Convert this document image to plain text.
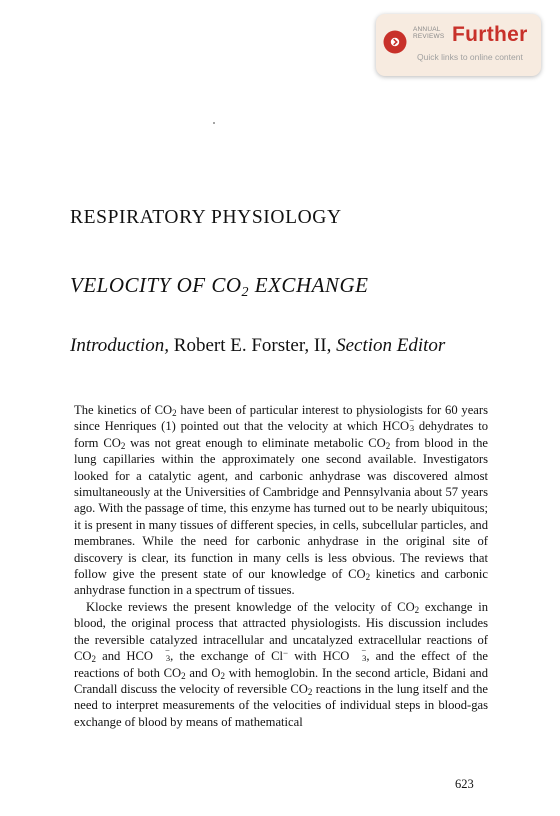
ANNUAL
REVIEWS Further
Quick links to online content
RESPIRATORY PHYSIOLOGY
VELOCITY OF $CO_2$ EXCHANGE
Introduction, Robert E. Forster, II, Section Editor

The kinetics of $CO_2$ have been of particular interest to physiologists for 60 years since Henriques (1) pointed out that the velocity at which HCO− $_3$ dehydrates to form $CO_2$ was not great enough to eliminate metabolic $CO_2$ from blood in the lung capillaries within the approximately one second available. Investigators looked for a catalytic agent, and carbonic anhydrase was discovered almost simultaneously at the Universities of Cambridge and Pennsylvania about 57 years ago. With the passage of time, this enzyme has turned out to be nearly ubiquitous; it is present in many tissues of different species, in cells, subcellular particles, and membranes. While the need for carbonic anhydrase in the original site of discovery is clear, its function in many cells is less obvious. The reviews that follow give the present state of our knowledge of $CO_2$ kinetics and carbonic anhydrase function in a spectrum of tissues.

Klocke reviews the present knowledge of the velocity of $CO_2$ exchange in blood, the original process that attracted physiologists. His discussion includes the reversible catalyzed intracellular and uncatalyzed extracellular reactions of $CO_2$ and HCO − $_3$, the exchange of Cl− with HCO − $_3$, and the effect of the reactions of both $CO_2$ and $O_2$ with hemoglobin. In the second article, Bidani and Crandall discuss the velocity of reversible $CO_2$ reactions in the lung itself and the need to interpret measurements of the velocities of individual steps in blood-gas exchange of blood by means of mathematical

623
